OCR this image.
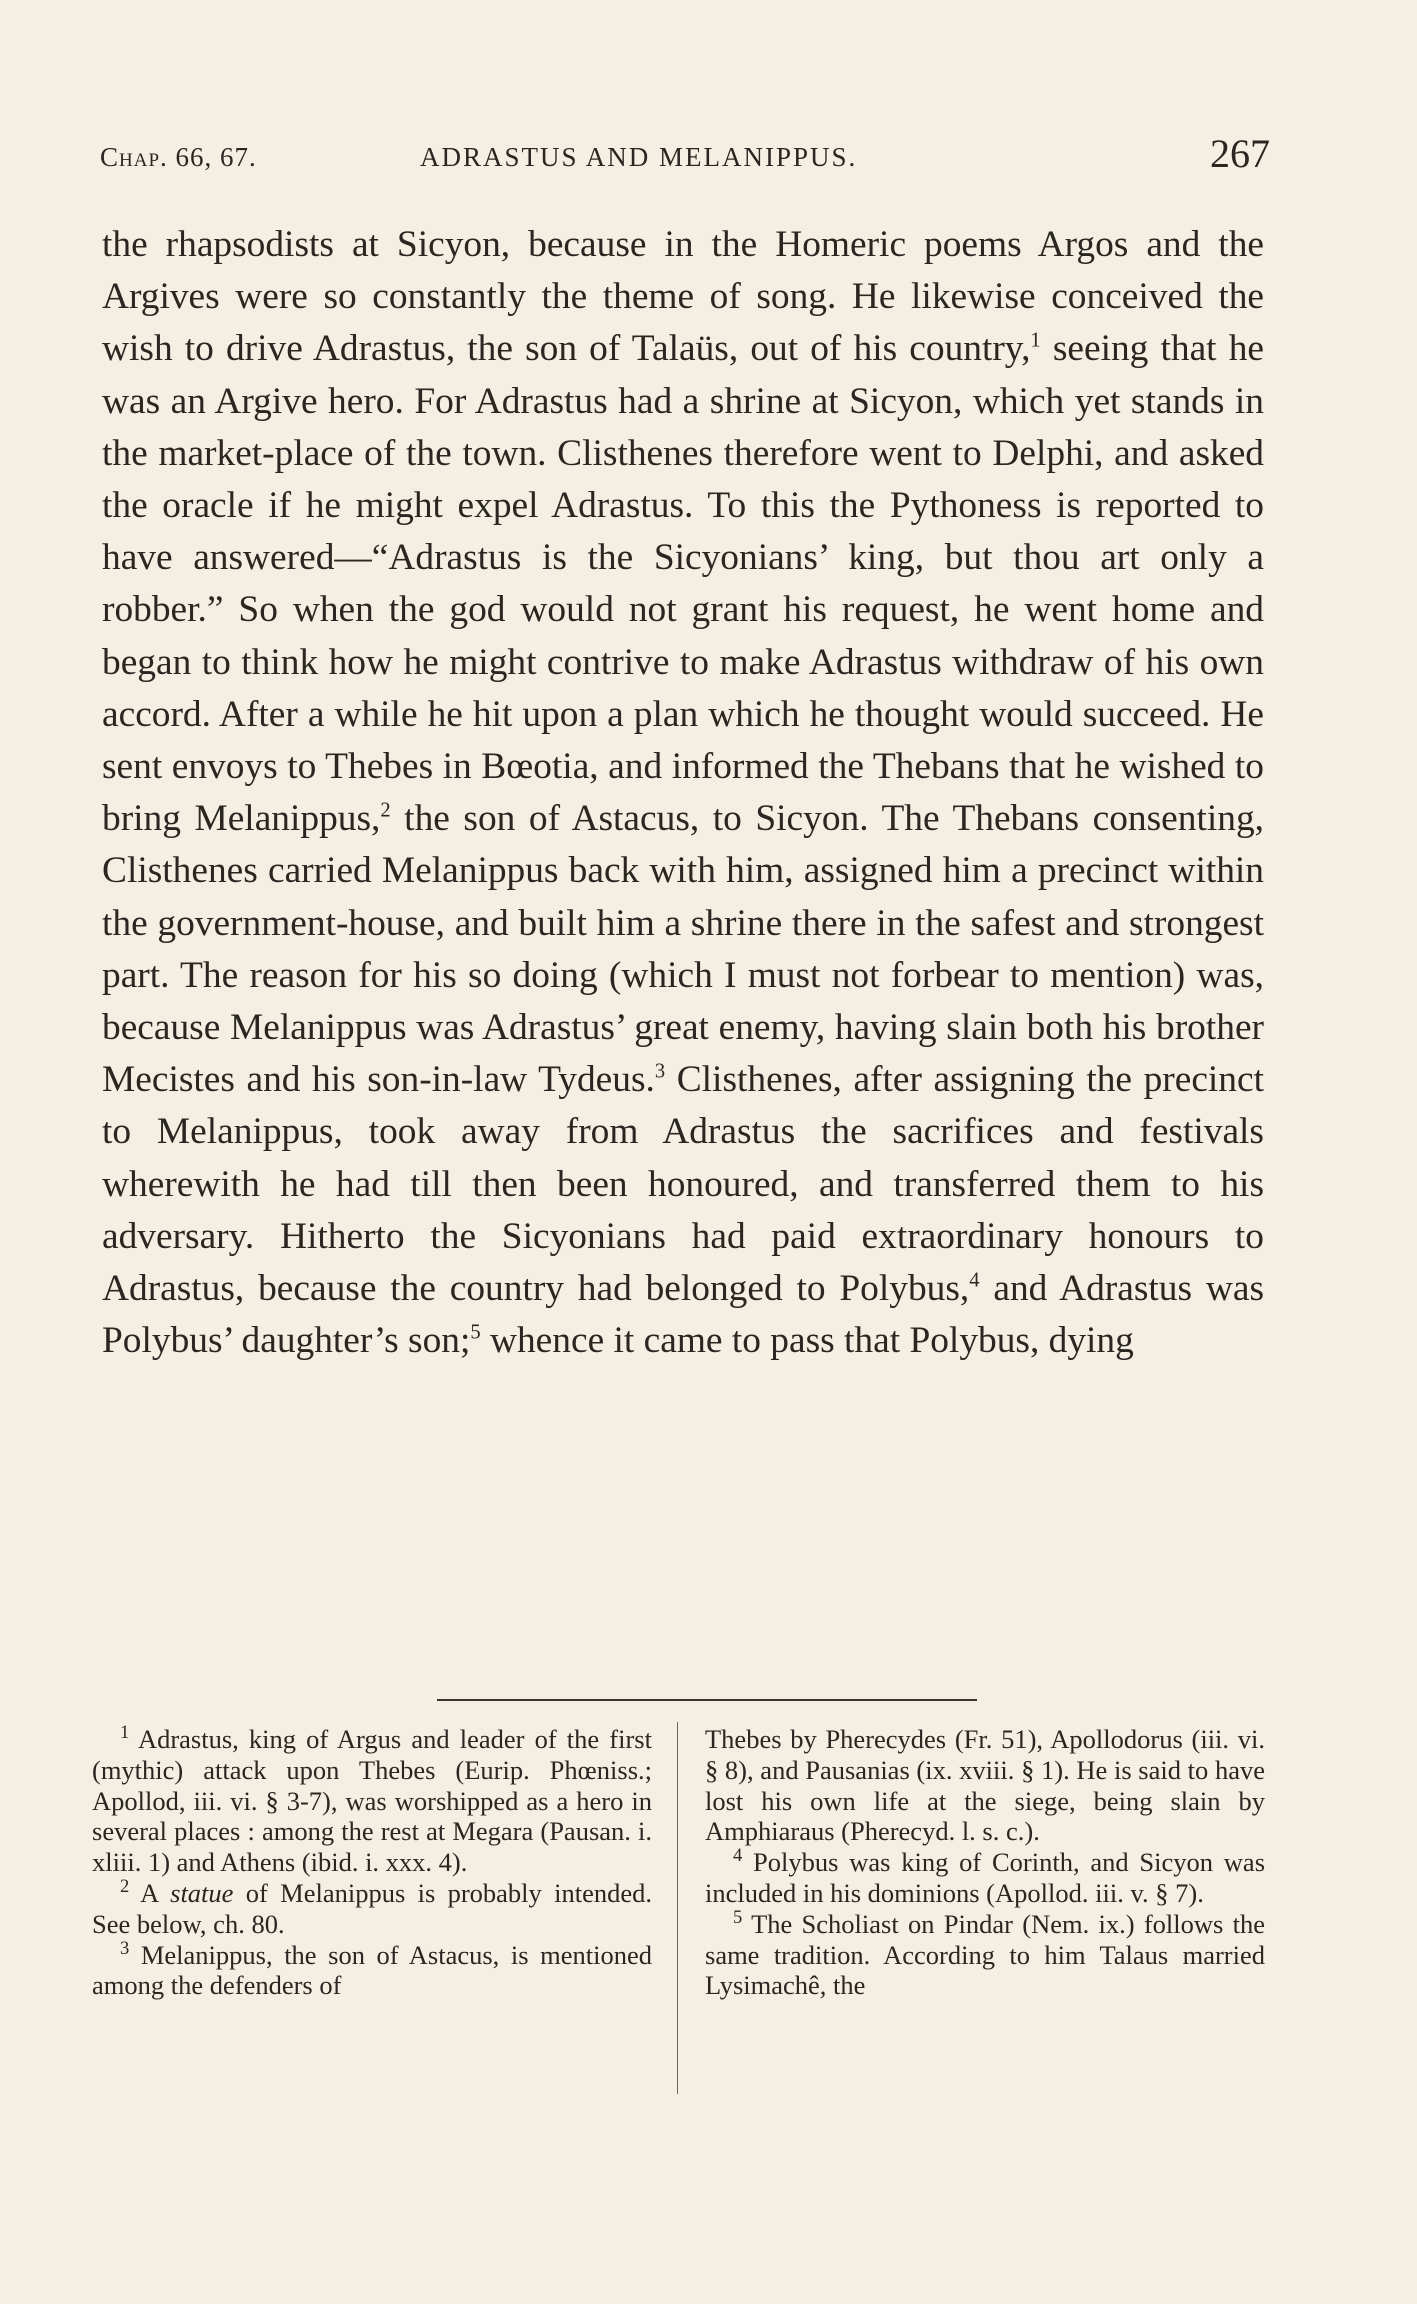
Chap. 66, 67.	ADRASTUS AND MELANIPPUS.	267

the rhapsodists at Sicyon, because in the Homeric poems Argos and the Argives were so constantly the theme of song. He likewise conceived the wish to drive Adrastus, the son of Talaüs, out of his country,$^1$ seeing that he was an Argive hero. For Adrastus had a shrine at Sicyon, which yet stands in the market-place of the town. Clisthenes therefore went to Delphi, and asked the oracle if he might expel Adrastus. To this the Pythoness is reported to have answered—“Adrastus is the Sicyonians’ king, but thou art only a robber.” So when the god would not grant his request, he went home and began to think how he might contrive to make Adrastus withdraw of his own accord. After a while he hit upon a plan which he thought would succeed. He sent envoys to Thebes in Bœotia, and informed the Thebans that he wished to bring Melanippus,$^2$ the son of Astacus, to Sicyon. The Thebans consenting, Clisthenes carried Melanippus back with him, assigned him a precinct within the government-house, and built him a shrine there in the safest and strongest part. The reason for his so doing (which I must not forbear to mention) was, because Melanippus was Adrastus’ great enemy, having slain both his brother Mecistes and his son-in-law Tydeus.$^3$ Clisthenes, after assigning the precinct to Melanippus, took away from Adrastus the sacrifices and festivals wherewith he had till then been honoured, and transferred them to his adversary. Hitherto the Sicyonians had paid extraordinary honours to Adrastus, because the country had belonged to Polybus,$^4$ and Adrastus was Polybus’ daughter’s son;$^5$ whence it came to pass that Polybus, dying

$^1$ Adrastus, king of Argus and leader of the first (mythic) attack upon Thebes (Eurip. Phœniss.; Apollod, iii. vi. § 3-7), was worshipped as a hero in several places : among the rest at Megara (Pausan. i. xliii. 1) and Athens (ibid. i. xxx. 4).

$^2$ A statue of Melanippus is probably intended. See below, ch. 80.

$^3$ Melanippus, the son of Astacus, is mentioned among the defenders of

Thebes by Pherecydes (Fr. 51), Apollodorus (iii. vi. § 8), and Pausanias (ix. xviii. § 1). He is said to have lost his own life at the siege, being slain by Amphiaraus (Pherecyd. l. s. c.).

$^4$ Polybus was king of Corinth, and Sicyon was included in his dominions (Apollod. iii. v. § 7).

$^5$ The Scholiast on Pindar (Nem. ix.) follows the same tradition. According to him Talaus married Lysimachê, the
